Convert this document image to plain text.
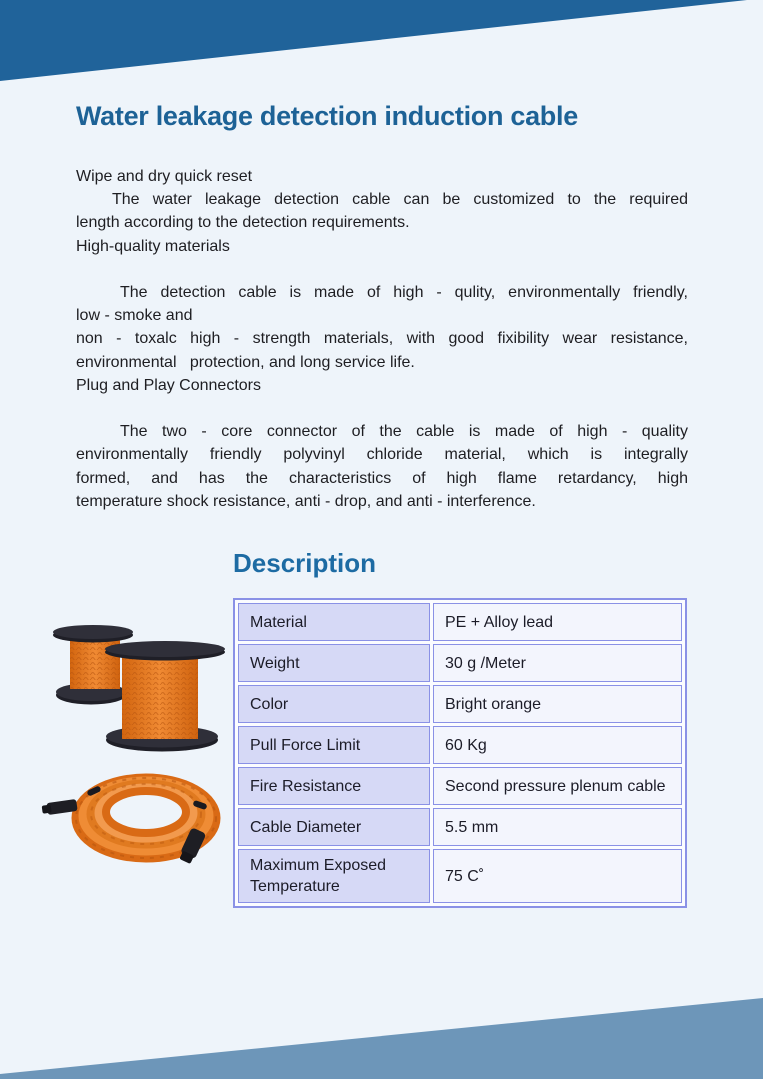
Water leakage detection induction cable
Wipe and dry quick reset
The water leakage detection cable can be customized to the required
length according to the detection requirements.
High-quality materials
The detection cable is made of high - qulity, environmentally friendly,
low - smoke and
non - toxalc high - strength materials, with good fixibility wear resistance,
environmental   protection, and long service life.
Plug and Play Connectors
The two - core connector of the cable is made of high - quality
environmentally friendly polyvinyl chloride material, which is integrally
formed, and has the characteristics of high flame retardancy, high
temperature shock resistance, anti - drop, and anti - interference.
Description
Material	PE + Alloy lead
Weight	30 g /Meter
Color	Bright orange
Pull Force Limit	60 Kg
Fire Resistance	Second pressure plenum cable
Cable Diameter	5.5 mm
Maximum Exposed Temperature	75 C˚
